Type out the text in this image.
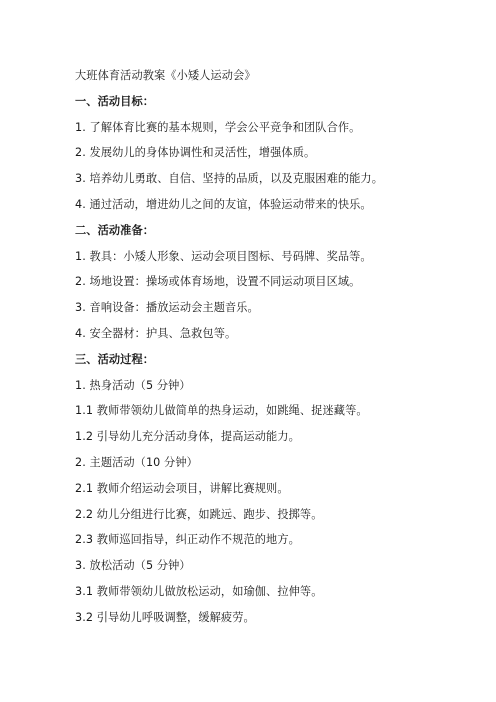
大班体育活动教案《小矮人运动会》
一、活动目标：
1. 了解体育比赛的基本规则，学会公平竞争和团队合作。
2. 发展幼儿的身体协调性和灵活性，增强体质。
3. 培养幼儿勇敢、自信、坚持的品质，以及克服困难的能力。
4. 通过活动，增进幼儿之间的友谊，体验运动带来的快乐。
二、活动准备：
1. 教具：小矮人形象、运动会项目图标、号码牌、奖品等。
2. 场地设置：操场或体育场地，设置不同运动项目区域。
3. 音响设备：播放运动会主题音乐。
4. 安全器材：护具、急救包等。
三、活动过程：
1. 热身活动（5 分钟）
1.1 教师带领幼儿做简单的热身运动，如跳绳、捉迷藏等。
1.2 引导幼儿充分活动身体，提高运动能力。
2. 主题活动（10 分钟）
2.1 教师介绍运动会项目，讲解比赛规则。
2.2 幼儿分组进行比赛，如跳远、跑步、投掷等。
2.3 教师巡回指导，纠正动作不规范的地方。
3. 放松活动（5 分钟）
3.1 教师带领幼儿做放松运动，如瑜伽、拉伸等。
3.2 引导幼儿呼吸调整，缓解疲劳。
